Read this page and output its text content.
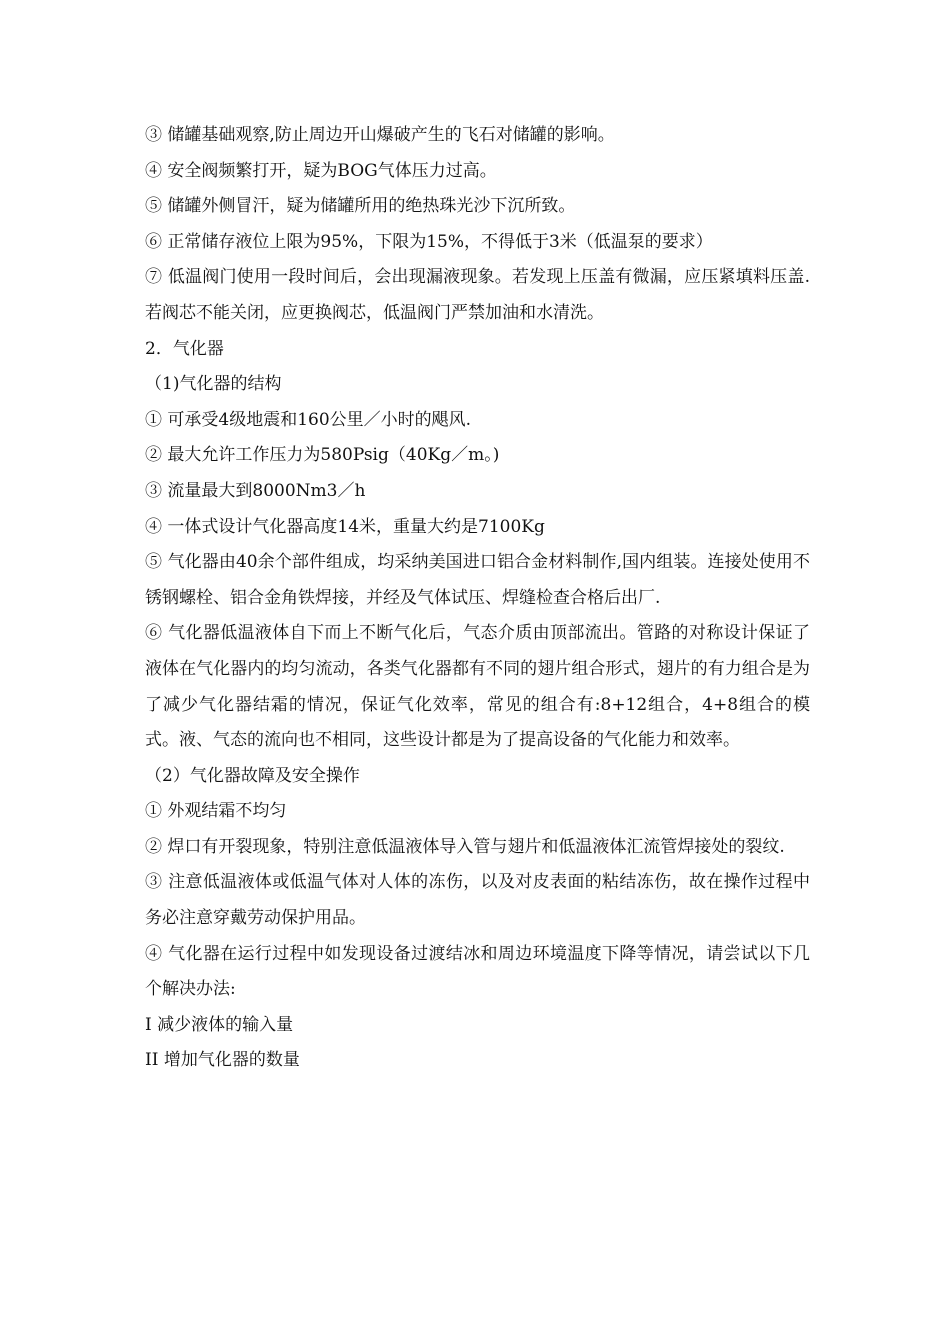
③ 储罐基础观察,防止周边开山爆破产生的飞石对储罐的影响。

④ 安全阀频繁打开，疑为BOG气体压力过高。

⑤ 储罐外侧冒汗，疑为储罐所用的绝热珠光沙下沉所致。

⑥ 正常储存液位上限为95%，下限为15%，不得低于3米（低温泵的要求）

⑦ 低温阀门使用一段时间后，会出现漏液现象。若发现上压盖有微漏，应压紧填料压盖.若阀芯不能关闭，应更换阀芯，低温阀门严禁加油和水清洗。

2．气化器

（1)气化器的结构

① 可承受4级地震和160公里／小时的飓风.

② 最大允许工作压力为580Psig（40Kg／m。)

③ 流量最大到8000Nm3／h

④ 一体式设计气化器高度14米，重量大约是7100Kg

⑤ 气化器由40余个部件组成，均采纳美国进口铝合金材料制作,国内组装。连接处使用不锈钢螺栓、铝合金角铁焊接，并经及气体试压、焊缝检查合格后出厂.

⑥ 气化器低温液体自下而上不断气化后，气态介质由顶部流出。管路的对称设计保证了液体在气化器内的均匀流动，各类气化器都有不同的翅片组合形式，翅片的有力组合是为了减少气化器结霜的情况，保证气化效率，常见的组合有:8+12组合，4+8组合的模式。液、气态的流向也不相同，这些设计都是为了提高设备的气化能力和效率。

（2）气化器故障及安全操作

① 外观结霜不均匀

② 焊口有开裂现象，特别注意低温液体导入管与翅片和低温液体汇流管焊接处的裂纹.

③ 注意低温液体或低温气体对人体的冻伤，以及对皮表面的粘结冻伤，故在操作过程中务必注意穿戴劳动保护用品。

④ 气化器在运行过程中如发现设备过渡结冰和周边环境温度下降等情况，请尝试以下几个解决办法:

I 减少液体的输入量

II 增加气化器的数量
